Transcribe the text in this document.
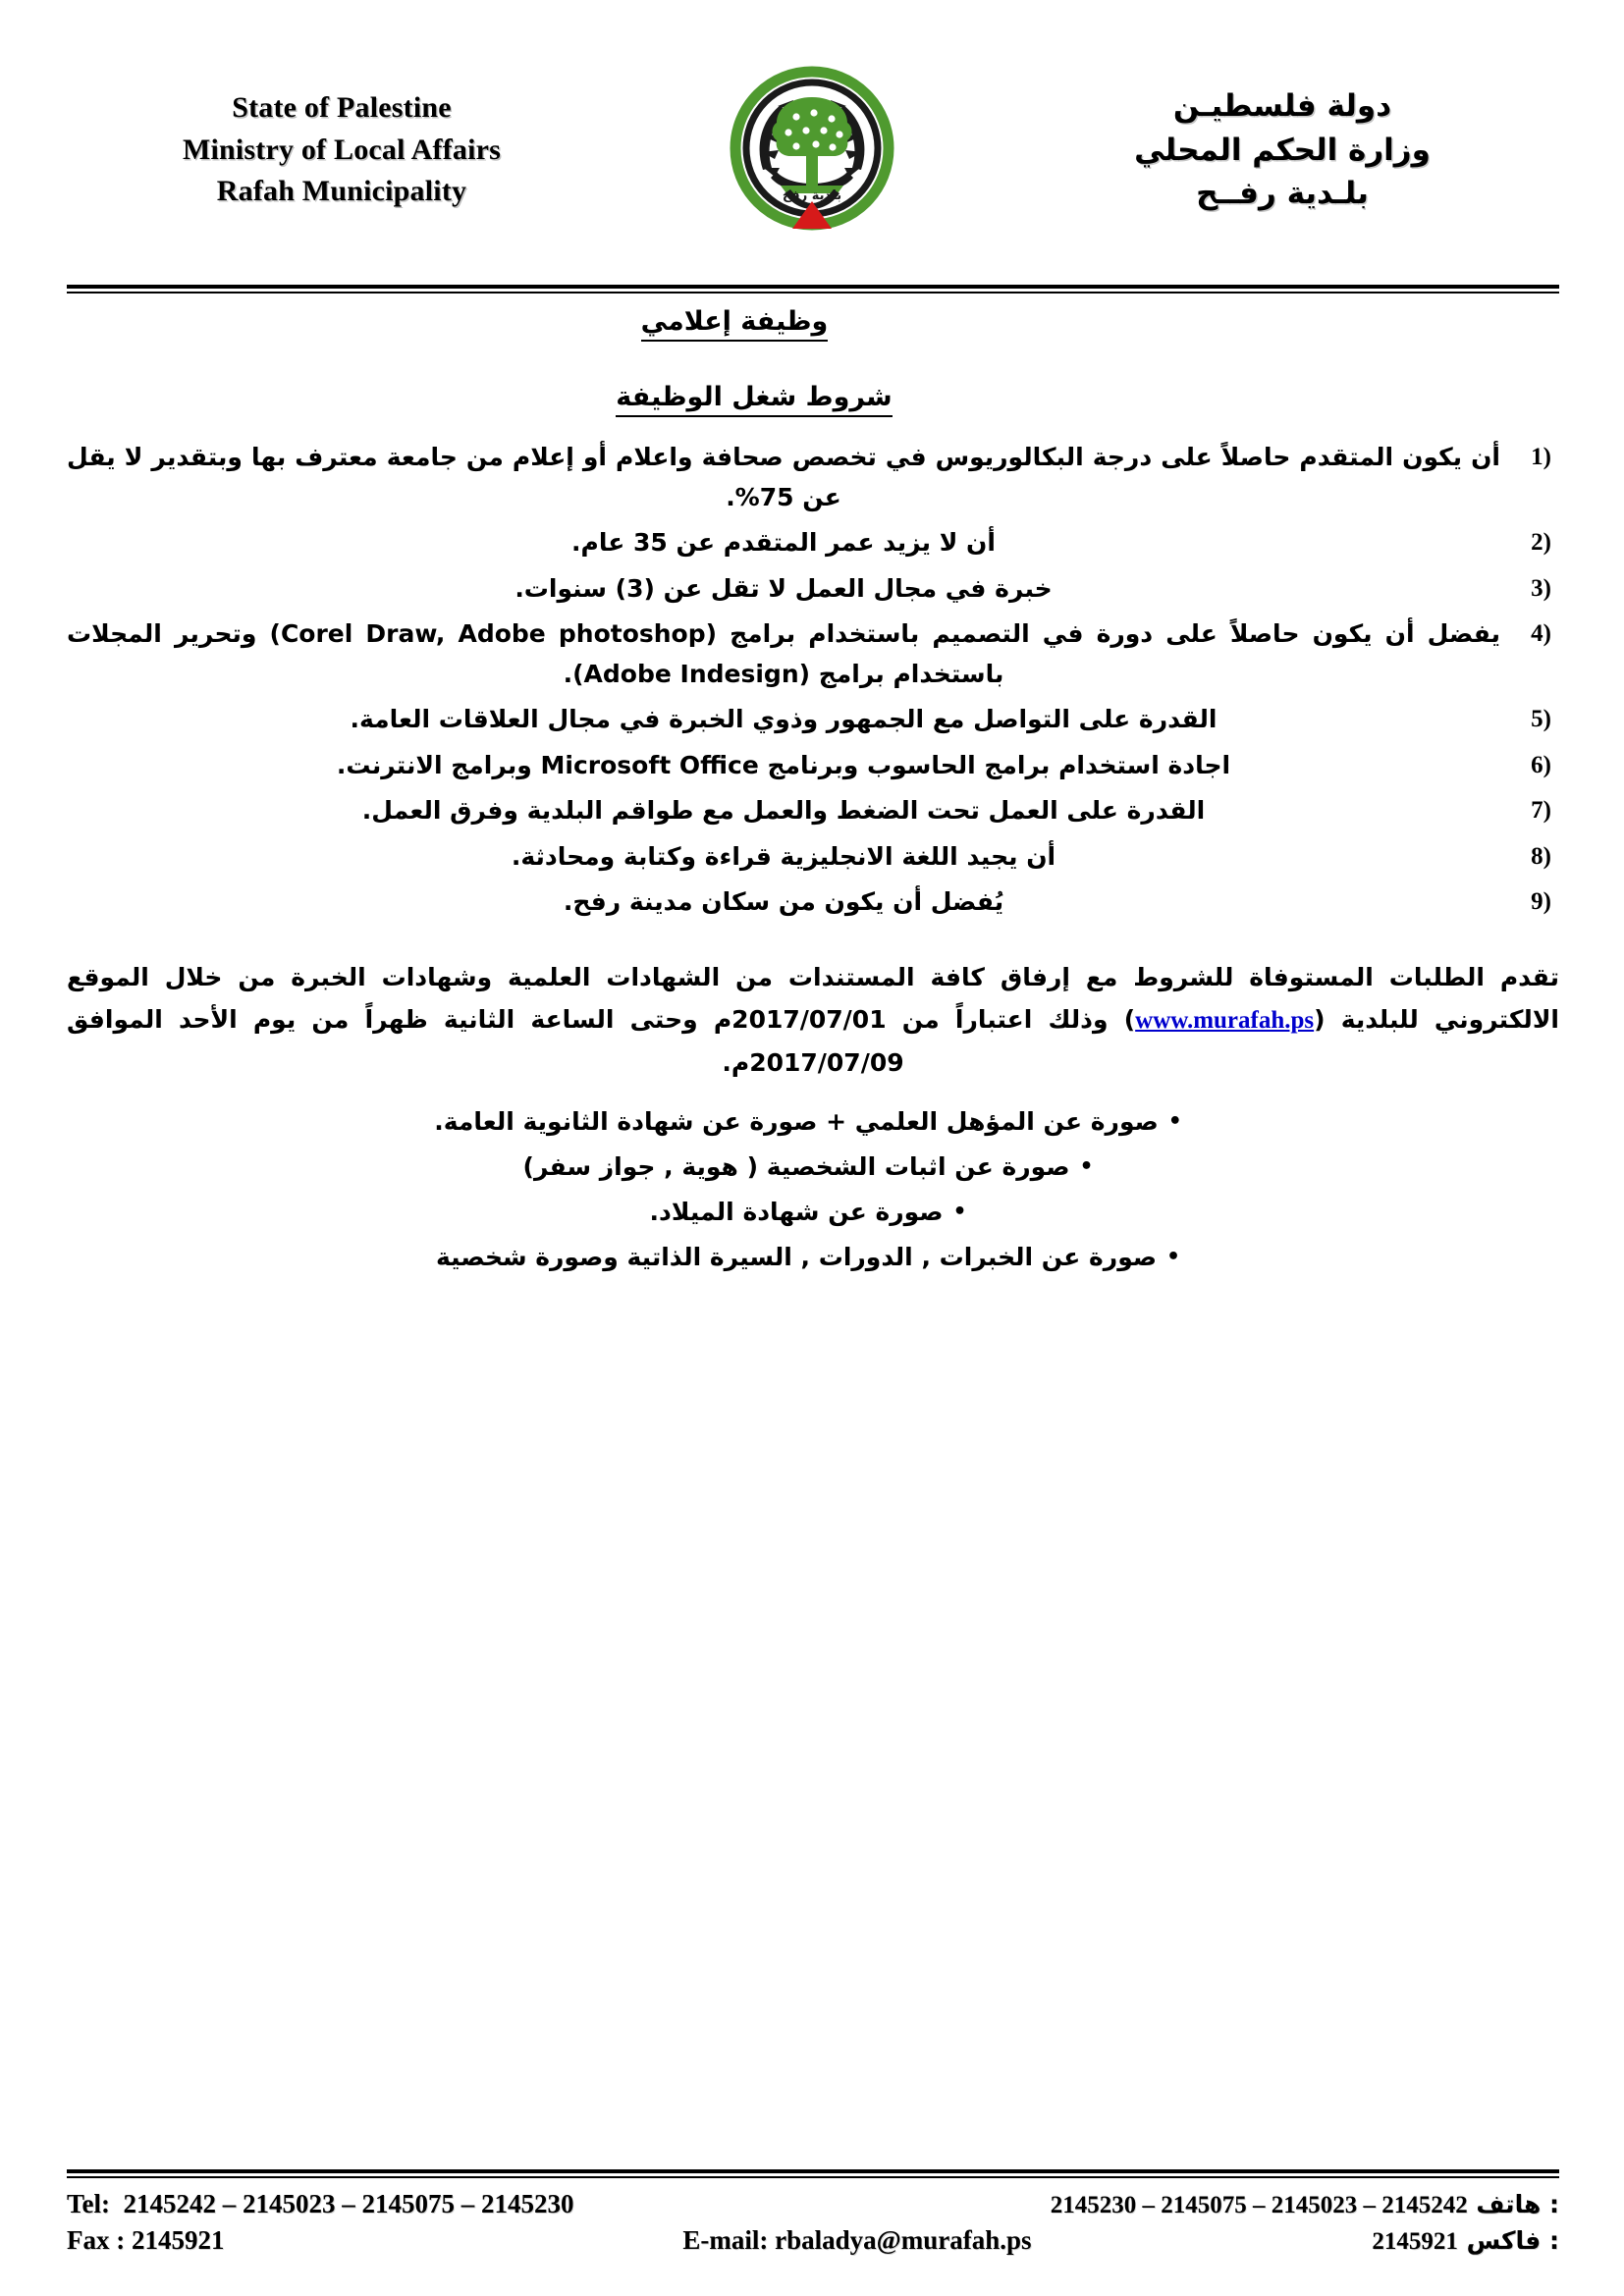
State of Palestine
Ministry of Local Affairs
Rafah Municipality	بلدية رفح
دولة فلسطيـن
وزارة الحكم المحلي
بلـدية رفــح
وظيفة إعلامي
شروط شغل الوظيفة
أن يكون المتقدم حاصلاً على درجة البكالوريوس في تخصص صحافة واعلام أو إعلام من جامعة معترف بها وبتقدير لا يقل عن 75%.
أن لا يزيد عمر المتقدم عن 35 عام.
خبرة في مجال العمل لا تقل عن (3) سنوات.
يفضل أن يكون حاصلاً على دورة في التصميم باستخدام برامج (Corel Draw, Adobe photoshop) وتحرير المجلات باستخدام برامج (Adobe Indesign).
القدرة على التواصل مع الجمهور وذوي الخبرة في مجال العلاقات العامة.
اجادة استخدام برامج الحاسوب وبرنامج Microsoft Office وبرامج الانترنت.
القدرة على العمل تحت الضغط والعمل مع طواقم البلدية وفرق العمل.
أن يجيد اللغة الانجليزية قراءة وكتابة ومحادثة.
يُفضل أن يكون من سكان مدينة رفح.

تقدم الطلبات المستوفاة للشروط مع إرفاق كافة المستندات من الشهادات العلمية وشهادات الخبرة من خلال الموقع الالكتروني للبلدية (www.murafah.ps) وذلك اعتباراً من 2017/07/01م وحتى الساعة الثانية ظهراً من يوم الأحد الموافق 2017/07/09م.

•صورة عن المؤهل العلمي + صورة عن شهادة الثانوية العامة.
•صورة عن اثبات الشخصية ( هوية , جواز سفر)
•صورة عن شهادة الميلاد.
•صورة عن الخبرات , الدورات , السيرة الذاتية وصورة شخصية
Tel: 2145242 – 2145023 – 2145075 – 2145230	: هاتف 2145230 – 2145075 – 2145023 – 2145242
Fax : 2145921	E-mail: rbaladya@murafah.ps	: فاكس 2145921
